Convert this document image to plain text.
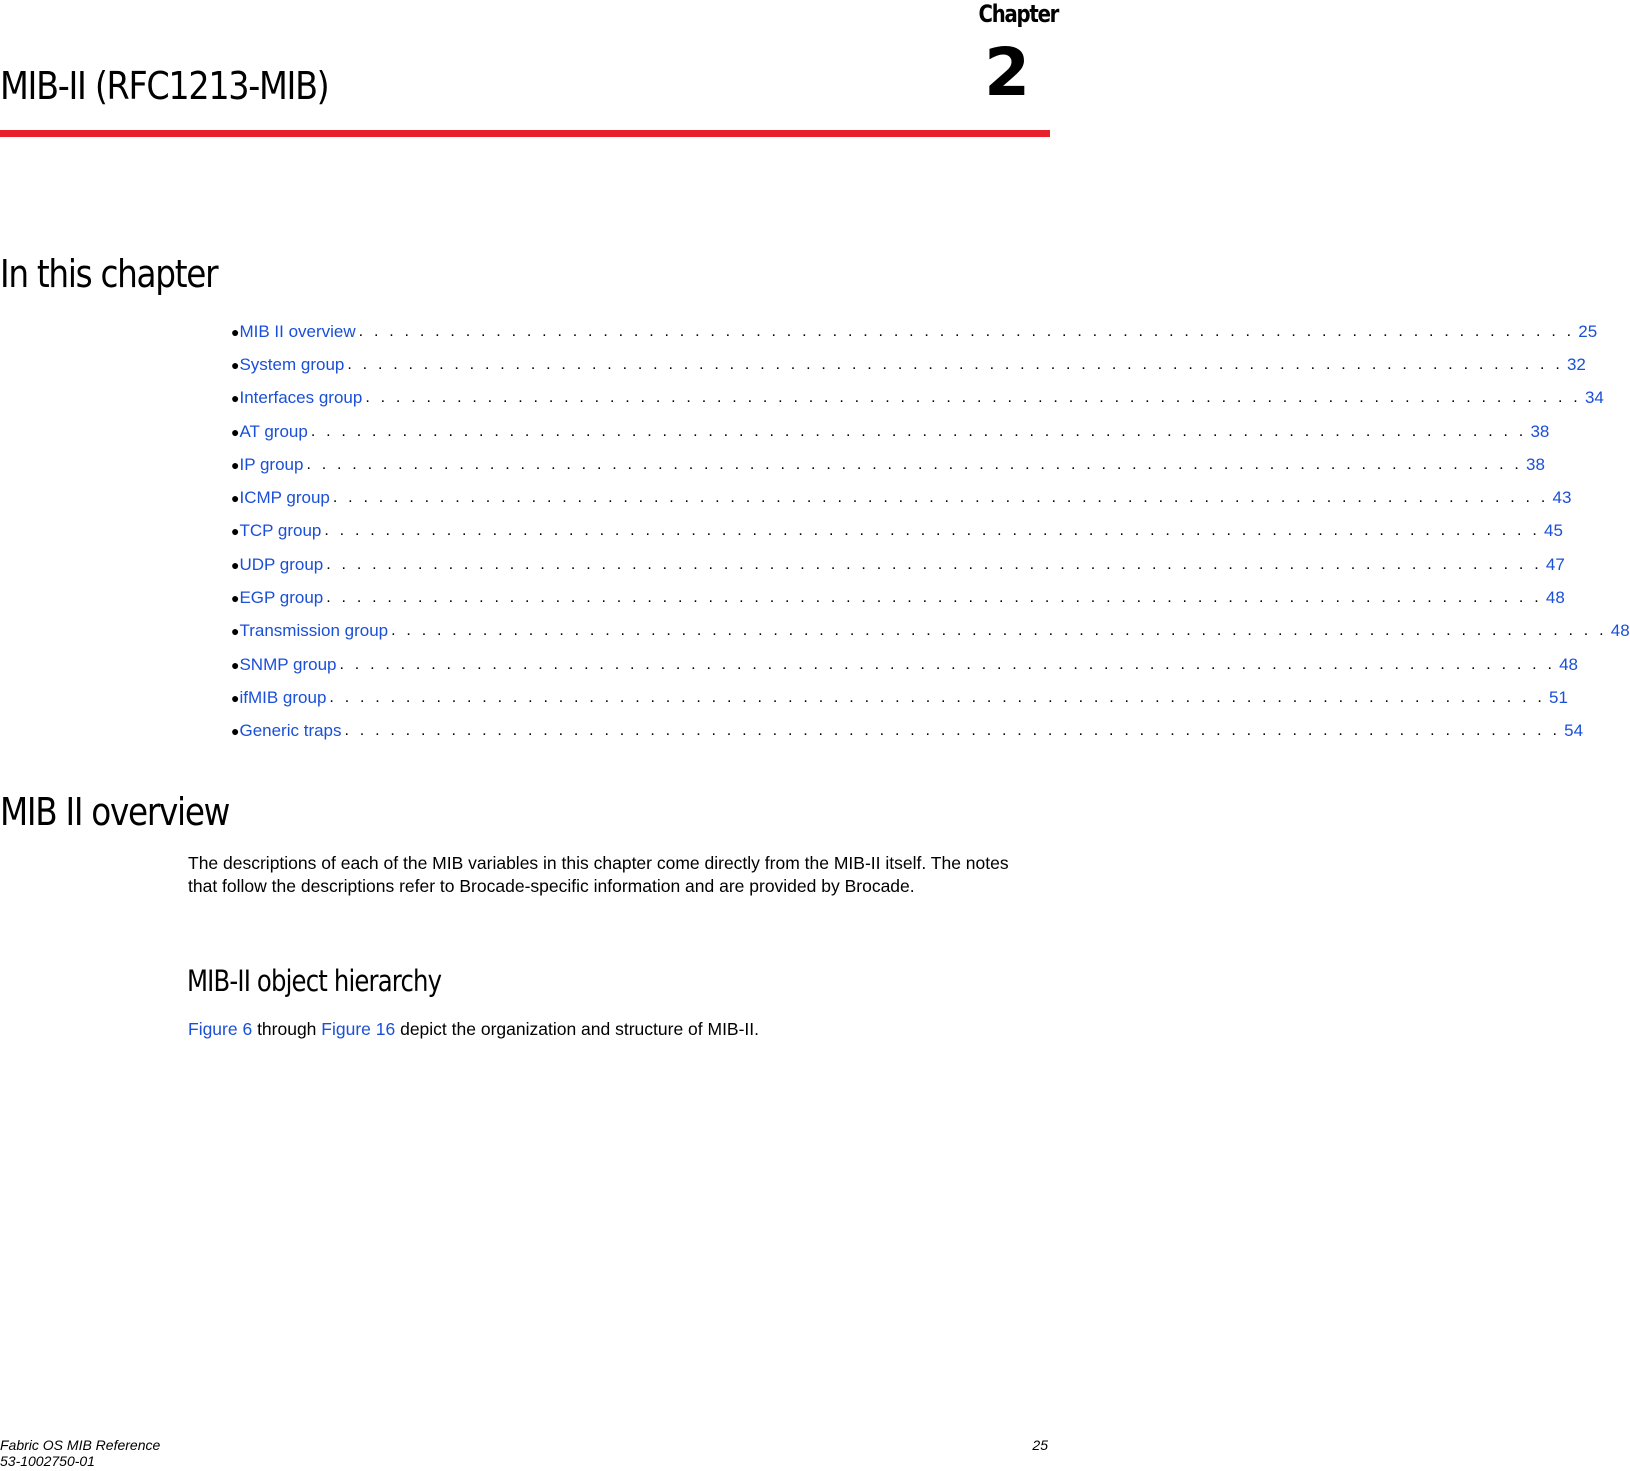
Chapter
2
MIB-II (RFC1213-MIB)
In this chapter
● MIB II overview . . . . . . . . . . . . . . . . . . . . . . . . . . . . . . . . . . . . . . . . . . . . . . . . . . . . . . . . . . . . . . . . . . . . . . . . . . . . . . . . 25
● System group . . . . . . . . . . . . . . . . . . . . . . . . . . . . . . . . . . . . . . . . . . . . . . . . . . . . . . . . . . . . . . . . . . . . . . . . . . . . . . . . 32
● Interfaces group . . . . . . . . . . . . . . . . . . . . . . . . . . . . . . . . . . . . . . . . . . . . . . . . . . . . . . . . . . . . . . . . . . . . . . . . . . . . . . . . 34
● AT group . . . . . . . . . . . . . . . . . . . . . . . . . . . . . . . . . . . . . . . . . . . . . . . . . . . . . . . . . . . . . . . . . . . . . . . . . . . . . . . . 38
● IP group . . . . . . . . . . . . . . . . . . . . . . . . . . . . . . . . . . . . . . . . . . . . . . . . . . . . . . . . . . . . . . . . . . . . . . . . . . . . . . . . 38
● ICMP group . . . . . . . . . . . . . . . . . . . . . . . . . . . . . . . . . . . . . . . . . . . . . . . . . . . . . . . . . . . . . . . . . . . . . . . . . . . . . . . . 43
● TCP group . . . . . . . . . . . . . . . . . . . . . . . . . . . . . . . . . . . . . . . . . . . . . . . . . . . . . . . . . . . . . . . . . . . . . . . . . . . . . . . . 45
● UDP group . . . . . . . . . . . . . . . . . . . . . . . . . . . . . . . . . . . . . . . . . . . . . . . . . . . . . . . . . . . . . . . . . . . . . . . . . . . . . . . . 47
● EGP group . . . . . . . . . . . . . . . . . . . . . . . . . . . . . . . . . . . . . . . . . . . . . . . . . . . . . . . . . . . . . . . . . . . . . . . . . . . . . . . . 48
● Transmission group . . . . . . . . . . . . . . . . . . . . . . . . . . . . . . . . . . . . . . . . . . . . . . . . . . . . . . . . . . . . . . . . . . . . . . . . . . . . . . . . 48
● SNMP group . . . . . . . . . . . . . . . . . . . . . . . . . . . . . . . . . . . . . . . . . . . . . . . . . . . . . . . . . . . . . . . . . . . . . . . . . . . . . . . . 48
● ifMIB group . . . . . . . . . . . . . . . . . . . . . . . . . . . . . . . . . . . . . . . . . . . . . . . . . . . . . . . . . . . . . . . . . . . . . . . . . . . . . . . . 51
● Generic traps . . . . . . . . . . . . . . . . . . . . . . . . . . . . . . . . . . . . . . . . . . . . . . . . . . . . . . . . . . . . . . . . . . . . . . . . . . . . . . . . 54
MIB II overview

The descriptions of each of the MIB variables in this chapter come directly from the MIB-II itself. The notes that follow the descriptions refer to Brocade-specific information and are provided by Brocade.

MIB-II object hierarchy

Figure 6 through Figure 16 depict the organization and structure of MIB-II.

Fabric OS MIB Reference
53-1002750-01
25
